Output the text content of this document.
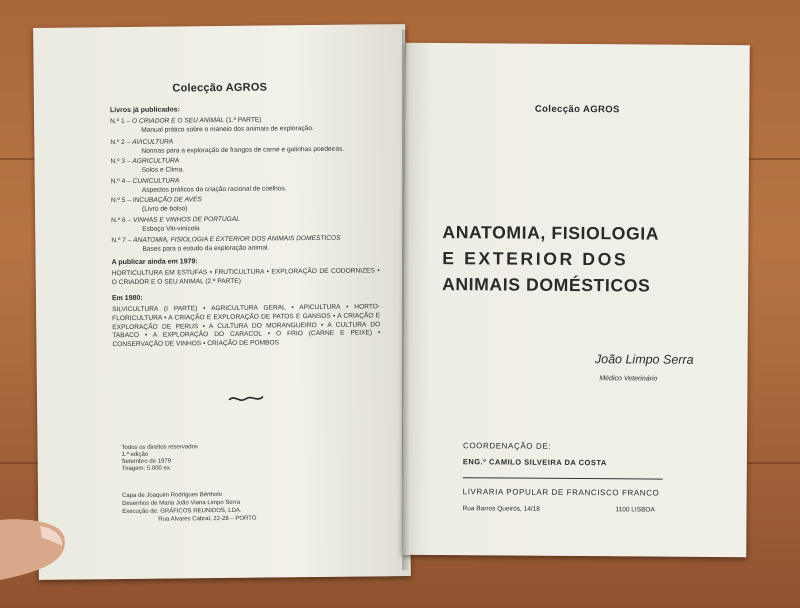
Colecção AGROS
Livros já publicados:
N.º 1 – O CRIADOR E O SEU ANIMAL (1.ª PARTE)
Manual prático sobre o maneio dos animais de exploração.
N.º 2 – AVICULTURA
Normas para a exploração de frangos de carne e galinhas poedeiras.
N.º 3 – AGRICULTURA
Solos e Clima.
N.º 4 – CUNICULTURA
Aspectos práticos da criação racional de coelhos.
N.º 5 – INCUBAÇÃO DE AVES
(Livro de bolso)
N.º 6 – VINHAS E VINHOS DE PORTUGAL
Esboço Viti-vinícola
N.º 7 – ANATOMIA, FISIOLOGIA E EXTERIOR DOS ANIMAIS DOMESTICOS
Bases para o estudo da exploração animal.
A publicar ainda em 1979:
HORTICULTURA EM ESTUFAS • FRUTICULTURA • EXPLORAÇÃO DE CODORNIZES • O CRIADOR E O SEU ANIMAL (2.ª PARTE)
Em 1980:
SILVICULTURA (I PARTE) • AGRICULTURA GERAL • APICULTURA • HORTO-FLORICULTURA • A CRIAÇÃO E EXPLORAÇÃO DE PATOS E GANSOS • A CRIAÇÃO E EXPLORAÇÃO DE PERUS • A CULTURA DO MORANGUEIRO • A CULTURA DO TABACO • A EXPLORAÇÃO DO CARACOL • O FRIO (CARNE E PEIXE) • CONSERVAÇÃO DE VINHOS • CRIAÇÃO DE POMBOS
Todos os direitos reservados
1.ª edição
Setembro de 1979
Tiragem: 5.000 ex.
Capa de Joaquim Rodrigues Bértholo
Desenhos de Maria João Viana Limpo Serra
Execução de: GRÁFICOS REUNIDOS, LDA.
Rua Alvares Cabral, 22-28 – PORTO
Colecção AGROS
ANATOMIA, FISIOLOGIA
E EXTERIOR DOS
ANIMAIS DOMÉSTICOS
João Limpo Serra
Médico Veterinário
COORDENAÇÃO DE:
ENG.º CAMILO SILVEIRA DA COSTA
LIVRARIA POPULAR DE FRANCISCO FRANCO
Rua Barros Queirós, 14/18	1100 LISBOA
